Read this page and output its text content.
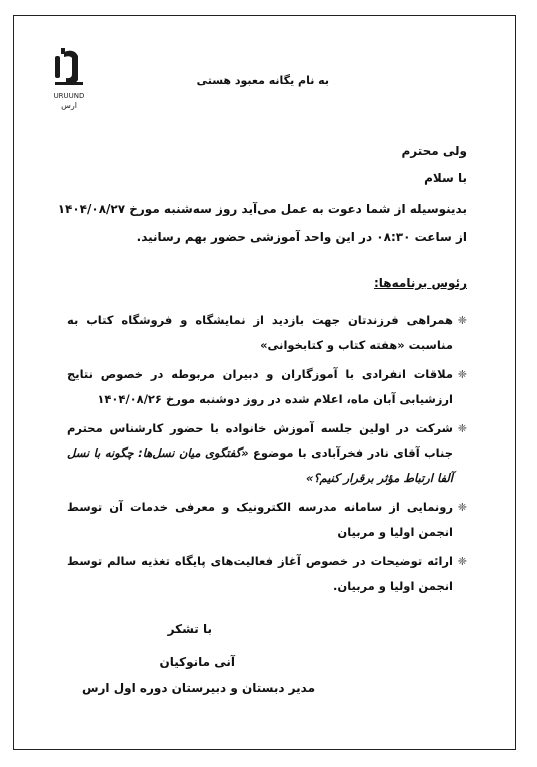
URUUND
ارس
به نام یگانه معبود هستی
ولی محترم
با سلام
بدینوسیله از شما دعوت به عمل می‌آید روز سه‌شنبه مورخ ۱۴۰۴/۰۸/۲۷
از ساعت ۰۸:۳۰ در این واحد آموزشی حضور بهم رسانید.
رئوس برنامه‌ها:
❈
همراهی فرزندتان جهت بازدید از نمایشگاه و فروشگاه کتاب به مناسبت «هفته کتاب و کتابخوانی»
❈
ملاقات انفرادی با آموزگاران و دبیران مربوطه در خصوص نتایج ارزشیابی آبان ماه، اعلام شده در روز دوشنبه مورخ ۱۴۰۴/۰۸/۲۶
❈
شرکت در اولین جلسه آموزش خانواده با حضور کارشناس محترم جناب آقای نادر فخرآبادی با موضوع «گفتگوی میان نسل‌ها: چگونه با نسل آلفا ارتباط مؤثر برقرار کنیم؟»
❈
رونمایی از سامانه مدرسه الکترونیک و معرفی خدمات آن توسط انجمن اولیا و مربیان
❈
ارائه توضیحات در خصوص آغاز فعالیت‌های پایگاه تغذیه سالم توسط انجمن اولیا و مربیان.
با تشکر
آنی مانوکیان
مدیر دبستان و دبیرستان دوره اول ارس
